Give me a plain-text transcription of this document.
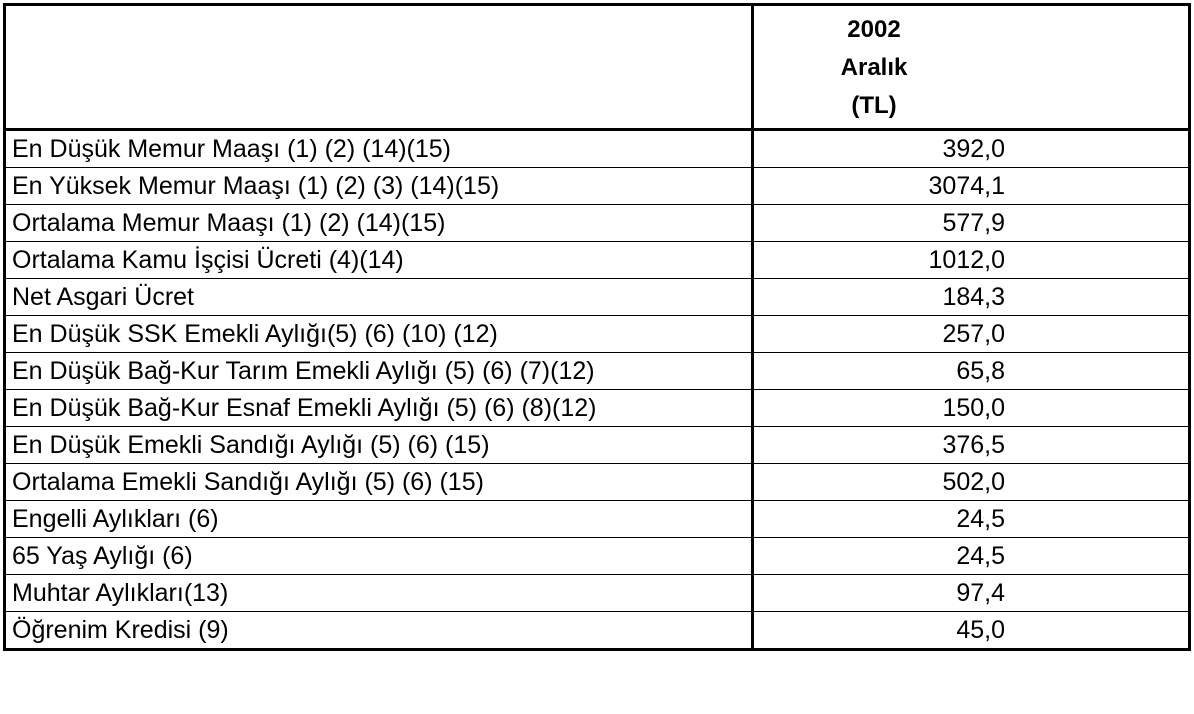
	2002
Aralık
(TL)

En Düşük Memur Maaşı (1) (2) (14)(15)	392,0
En Yüksek Memur Maaşı (1) (2) (3) (14)(15)	3074,1
Ortalama Memur Maaşı (1) (2) (14)(15)	577,9
Ortalama Kamu İşçisi Ücreti (4)(14)	1012,0
Net Asgari Ücret	184,3
En Düşük SSK Emekli Aylığı(5) (6) (10) (12)	257,0
En Düşük Bağ-Kur Tarım Emekli Aylığı (5) (6) (7)(12)	65,8
En Düşük Bağ-Kur Esnaf Emekli Aylığı (5) (6) (8)(12)	150,0
En Düşük Emekli Sandığı Aylığı (5) (6) (15)	376,5
Ortalama Emekli Sandığı Aylığı (5) (6) (15)	502,0
Engelli Aylıkları (6)	24,5
65 Yaş Aylığı (6)	24,5
Muhtar Aylıkları(13)	97,4
Öğrenim Kredisi (9)	45,0
